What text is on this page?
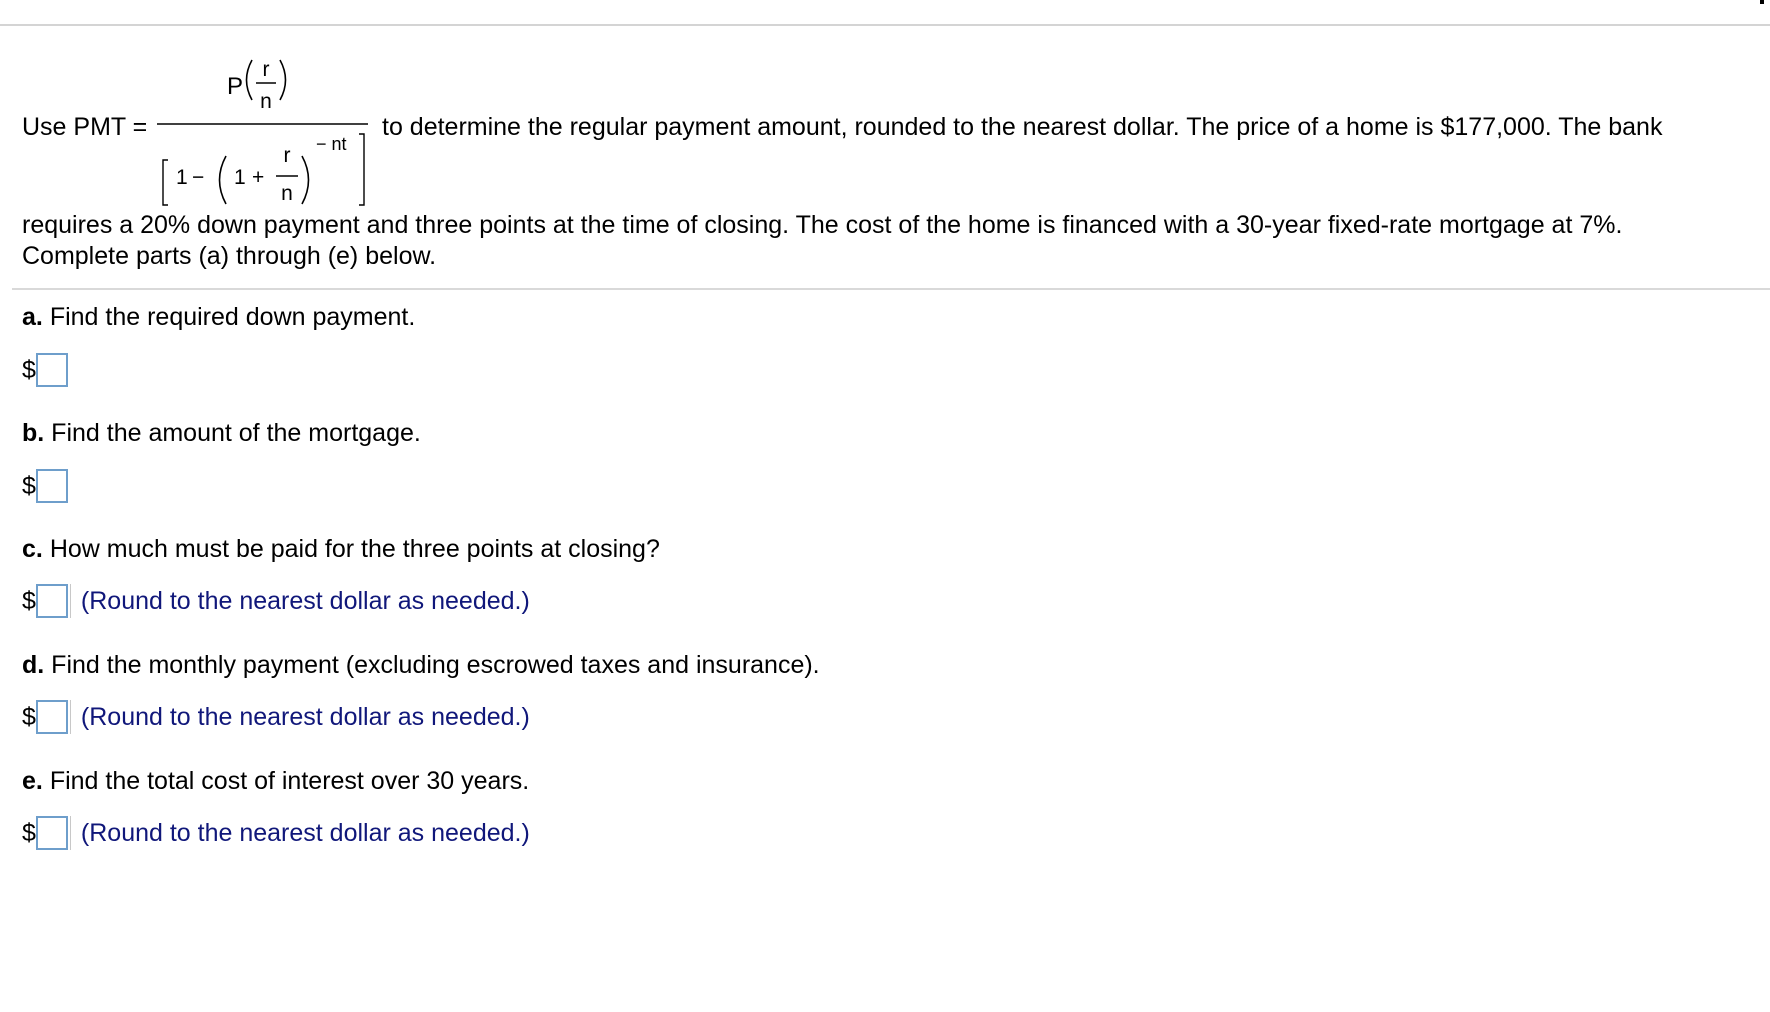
Use PMT =
P
r
n
1 − 1 +
r
n
− nt
to determine the regular payment amount, rounded to the nearest dollar. The price of a home is $177,000. The bank
requires a 20% down payment and three points at the time of closing. The cost of the home is financed with a 30-year fixed-rate mortgage at 7%.
Complete parts (a) through (e) below.
a. Find the required down payment.
$
b. Find the amount of the mortgage.
$
c. How much must be paid for the three points at closing?
$ (Round to the nearest dollar as needed.)
d. Find the monthly payment (excluding escrowed taxes and insurance).
$ (Round to the nearest dollar as needed.)
e. Find the total cost of interest over 30 years.
$ (Round to the nearest dollar as needed.)
